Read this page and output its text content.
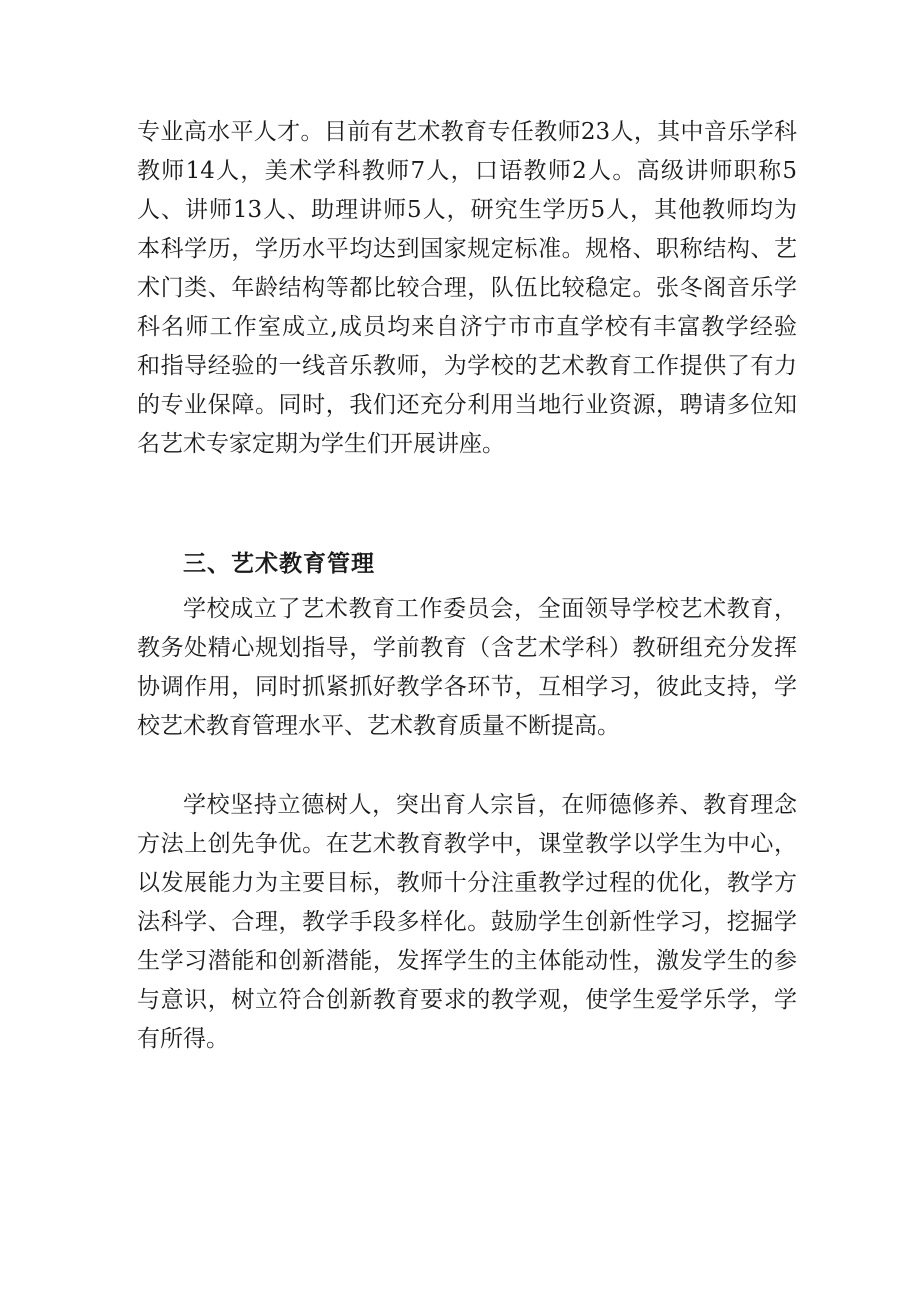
专业高水平人才。目前有艺术教育专任教师23人，其中音乐学科
教师14人，美术学科教师7人，口语教师2人。高级讲师职称5
人、讲师13人、助理讲师5人，研究生学历5人，其他教师均为
本科学历，学历水平均达到国家规定标准。规格、职称结构、艺
术门类、年龄结构等都比较合理，队伍比较稳定。张冬阁音乐学
科名师工作室成立,成员均来自济宁市市直学校有丰富教学经验
和指导经验的一线音乐教师，为学校的艺术教育工作提供了有力
的专业保障。同时，我们还充分利用当地行业资源，聘请多位知
名艺术专家定期为学生们开展讲座。
三、艺术教育管理
学校成立了艺术教育工作委员会，全面领导学校艺术教育，
教务处精心规划指导，学前教育（含艺术学科）教研组充分发挥
协调作用，同时抓紧抓好教学各环节，互相学习，彼此支持，学
校艺术教育管理水平、艺术教育质量不断提高。
学校坚持立德树人，突出育人宗旨，在师德修养、教育理念
方法上创先争优。在艺术教育教学中，课堂教学以学生为中心，
以发展能力为主要目标，教师十分注重教学过程的优化，教学方
法科学、合理，教学手段多样化。鼓励学生创新性学习，挖掘学
生学习潜能和创新潜能，发挥学生的主体能动性，激发学生的参
与意识，树立符合创新教育要求的教学观，使学生爱学乐学，学
有所得。
